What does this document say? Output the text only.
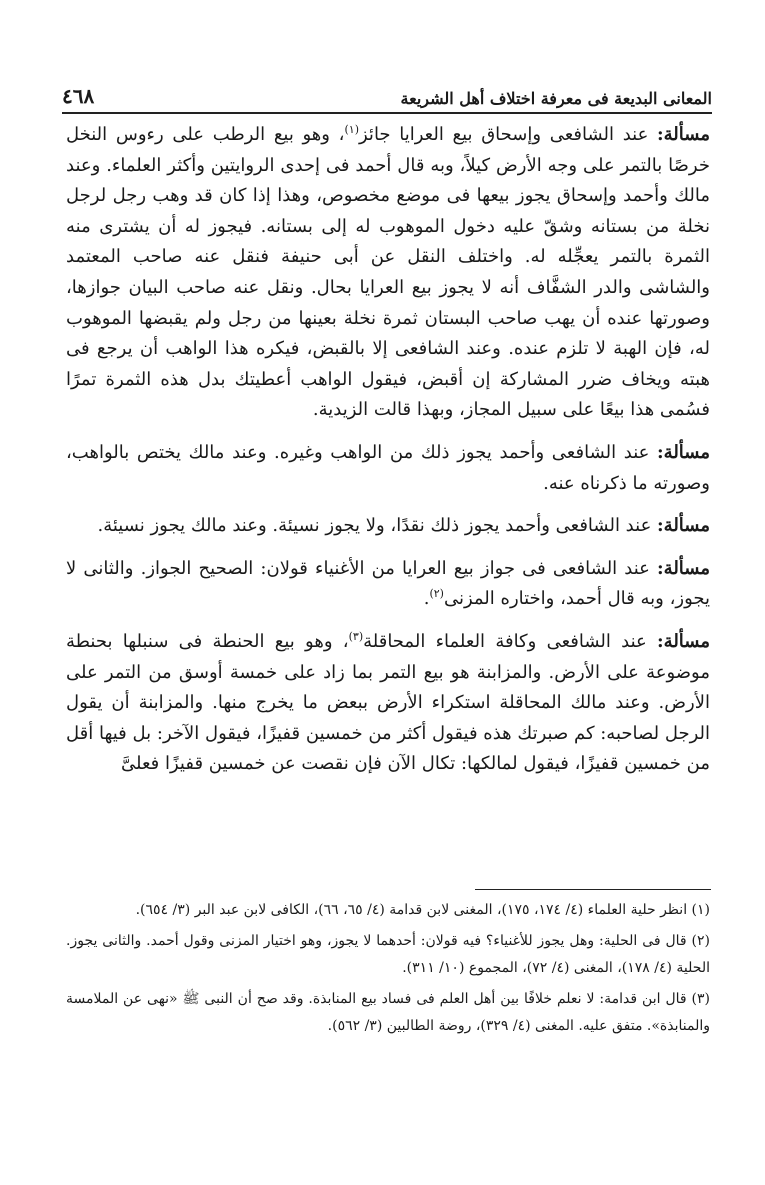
المعانى البديعة فى معرفة اختلاف أهل الشريعة
٤٦٨

مسألة: عند الشافعى وإسحاق بيع العرايا جائز$^{(١)}$، وهو بيع الرطب على رءوس النخل خرصًا بالتمر على وجه الأرض كيلاً، وبه قال أحمد فى إحدى الروايتين وأكثر العلماء. وعند مالك وأحمد وإسحاق يجوز بيعها فى موضع مخصوص، وهذا إذا كان قد وهب رجل لرجل نخلة من بستانه وشقّ عليه دخول الموهوب له إلى بستانه. فيجوز له أن يشترى منه الثمرة بالتمر يعجِّله له. واختلف النقل عن أبى حنيفة فنقل عنه صاحب المعتمد والشاشى والدر الشفَّاف أنه لا يجوز بيع العرايا بحال. ونقل عنه صاحب البيان جوازها، وصورتها عنده أن يهب صاحب البستان ثمرة نخلة بعينها من رجل ولم يقبضها الموهوب له، فإن الهبة لا تلزم عنده. وعند الشافعى إلا بالقبض، فيكره هذا الواهب أن يرجع فى هبته ويخاف ضرر المشاركة إن أقبض، فيقول الواهب أعطيتك بدل هذه الثمرة تمرًا فسُمى هذا بيعًا على سبيل المجاز، وبهذا قالت الزيدية.

مسألة: عند الشافعى وأحمد يجوز ذلك من الواهب وغيره. وعند مالك يختص بالواهب، وصورته ما ذكرناه عنه.

مسألة: عند الشافعى وأحمد يجوز ذلك نقدًا، ولا يجوز نسيئة. وعند مالك يجوز نسيئة.

مسألة: عند الشافعى فى جواز بيع العرايا من الأغنياء قولان: الصحيح الجواز. والثانى لا يجوز، وبه قال أحمد، واختاره المزنى$^{(٢)}$.

مسألة: عند الشافعى وكافة العلماء المحاقلة$^{(٣)}$، وهو بيع الحنطة فى سنبلها بحنطة موضوعة على الأرض. والمزابنة هو بيع التمر بما زاد على خمسة أوسق من التمر على الأرض. وعند مالك المحاقلة استكراء الأرض ببعض ما يخرج منها. والمزابنة أن يقول الرجل لصاحبه: كم صبرتك هذه فيقول أكثر من خمسين قفيزًا، فيقول الآخر: بل فيها أقل من خمسين قفيزًا، فيقول لمالكها: تكال الآن فإن نقصت عن خمسين قفيزًا فعلىَّ

(١) انظر حلية العلماء (٤/ ١٧٤، ١٧٥)، المغنى لابن قدامة (٤/ ٦٥، ٦٦)، الكافى لابن عبد البر (٣/ ٦٥٤).

(٢) قال فى الحلية: وهل يجوز للأغنياء؟ فيه قولان: أحدهما لا يجوز، وهو اختيار المزنى وقول أحمد. والثانى يجوز. الحلية (٤/ ١٧٨)، المغنى (٤/ ٧٢)، المجموع (١٠/ ٣١١).

(٣) قال ابن قدامة: لا نعلم خلافًا بين أهل العلم فى فساد بيع المنابذة. وقد صح أن النبى ﷺ «نهى عن الملامسة والمنابذة». متفق عليه. المغنى (٤/ ٣٢٩)، روضة الطالبين (٣/ ٥٦٢).
